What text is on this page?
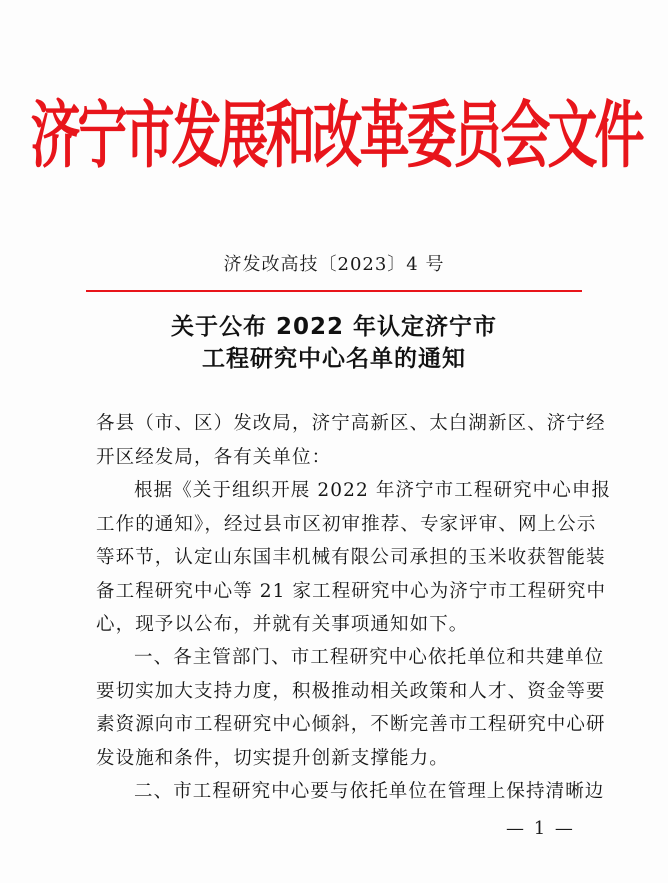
济宁市发展和改革委员会文件
济发改高技〔2023〕4 号
关于公布 2022 年认定济宁市
工程研究中心名单的通知
各县（市、区）发改局，济宁高新区、太白湖新区、济宁经
开区经发局，各有关单位：
根据《关于组织开展 2022 年济宁市工程研究中心申报
工作的通知》，经过县市区初审推荐、专家评审、网上公示
等环节，认定山东国丰机械有限公司承担的玉米收获智能装
备工程研究中心等 21 家工程研究中心为济宁市工程研究中
心，现予以公布，并就有关事项通知如下。
一、各主管部门、市工程研究中心依托单位和共建单位
要切实加大支持力度，积极推动相关政策和人才、资金等要
素资源向市工程研究中心倾斜，不断完善市工程研究中心研
发设施和条件，切实提升创新支撑能力。
二、市工程研究中心要与依托单位在管理上保持清晰边
— 1 —
